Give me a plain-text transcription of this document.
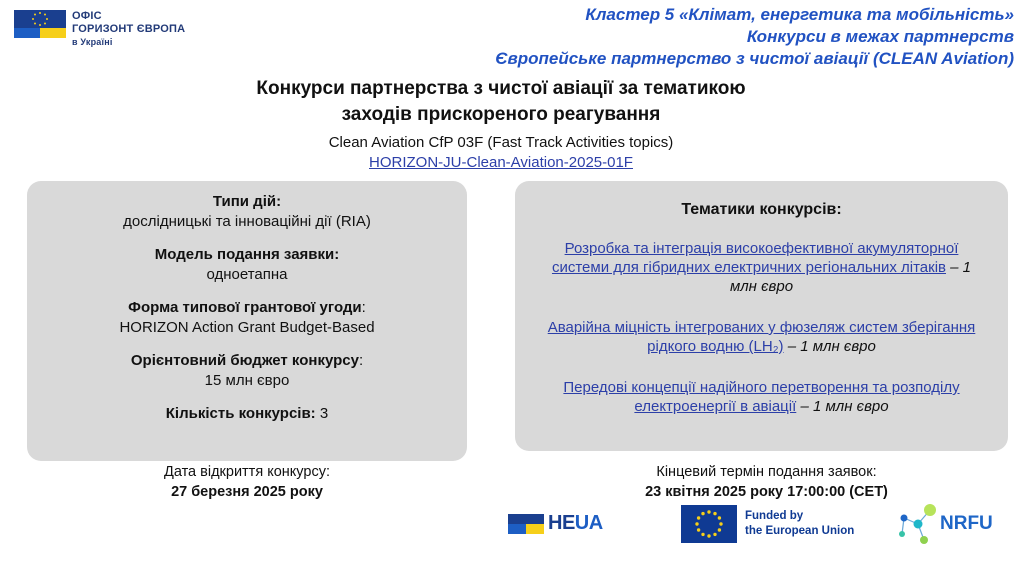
ОФІС
ГОРИЗОНТ ЄВРОПА
в Україні
Кластер 5 «Клімат, енергетика та мобільність»
Конкурси в межах партнерств
Європейське партнерство з чистої авіації (CLEAN Aviation)
Конкурси партнерства з чистої авіації за тематикою
заходів прискореного реагування
Clean Aviation CfP 03F (Fast Track Activities topics)
HORIZON-JU-Clean-Aviation-2025-01F
Типи дій:
дослідницькі та інноваційні дії (RIA)
Модель подання заявки:
одноетапна
Форма типової грантової угоди:
HORIZON Action Grant Budget-Based
Орієнтовний бюджет конкурсу:
15 млн євро
Кількість конкурсів: 3
Тематики конкурсів:
Розробка та інтеграція високоефективної акумуляторної системи для гібридних електричних регіональних літаків – 1 млн євро
Аварійна міцність інтегрованих у фюзеляж систем зберігання рідкого водню (LH₂) – 1 млн євро
Передові концепції надійного перетворення та розподілу електроенергії в авіації – 1 млн євро
Дата відкриття конкурсу:
27 березня 2025 року
Кінцевий термін подання заявок:
23 квітня 2025 року 17:00:00 (CET)
HEUA	Funded by
the European Union	NRFU
